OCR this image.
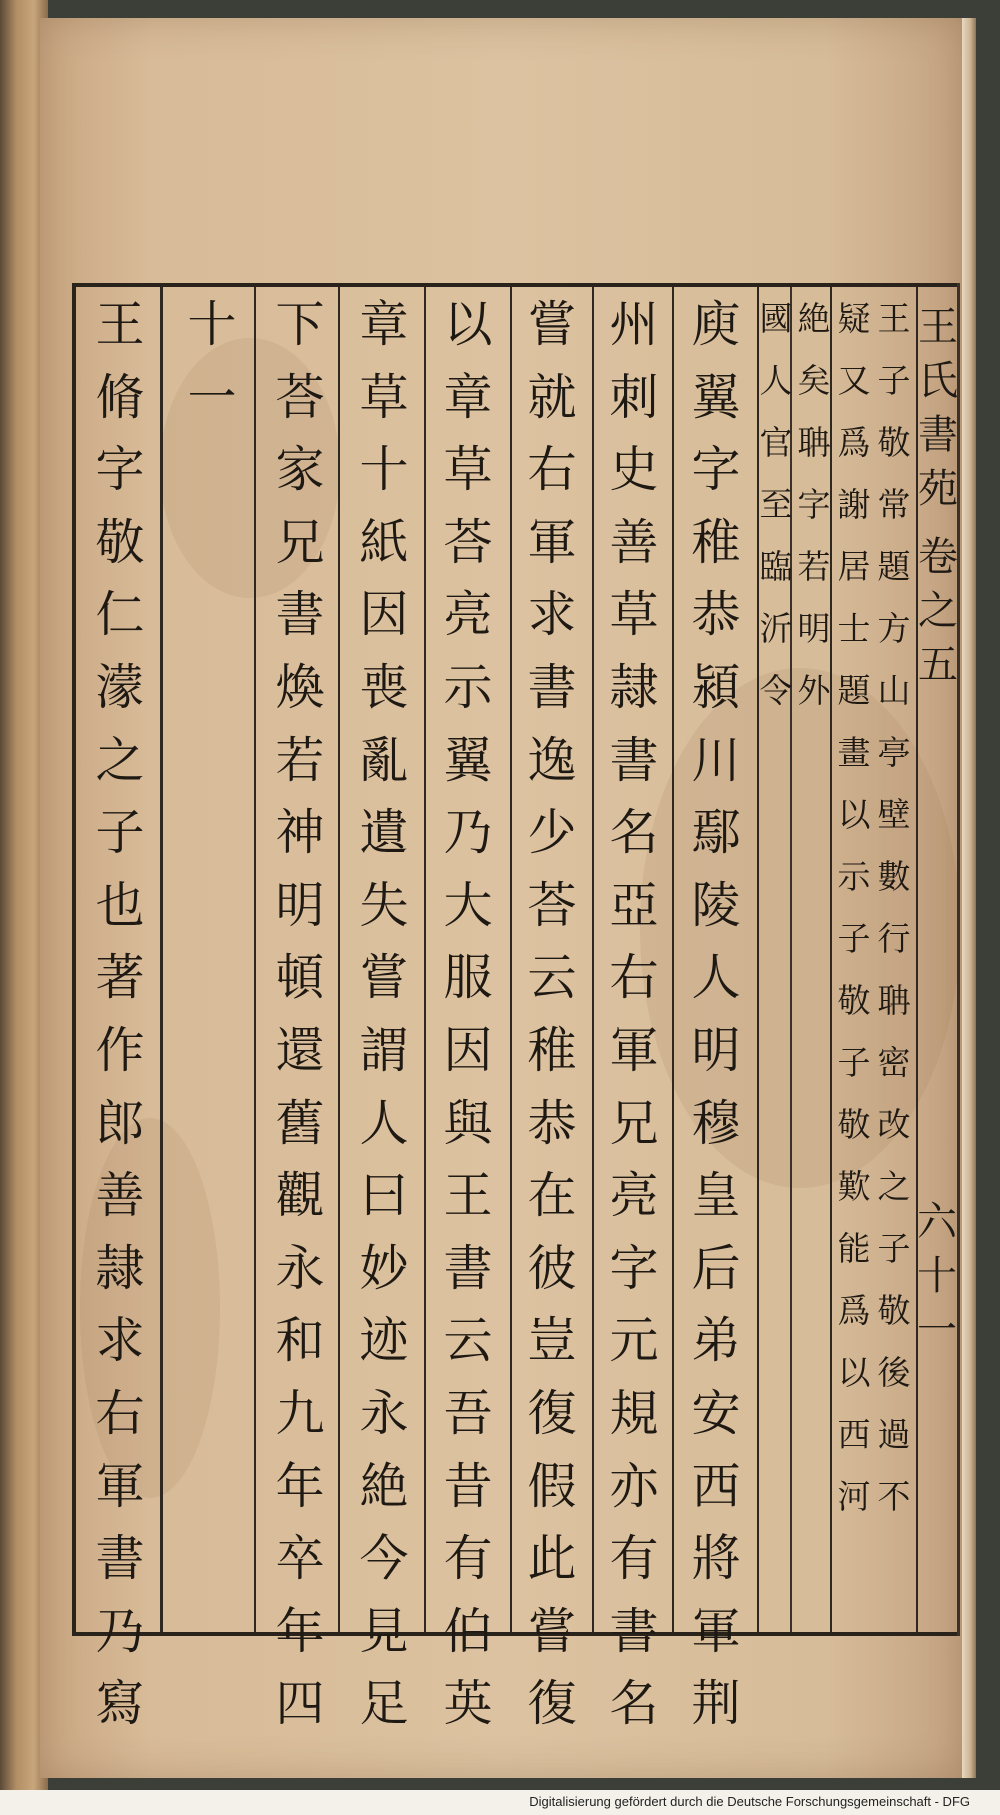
王
氏
書
苑
卷
之
五
六
十
一
王
子
敬
常
題
方
山
亭
壁
數
行
聃
密
改
之
子
敬
後
過
不
疑
又
爲
謝
居
士
題
畫
以
示
子
敬
子
敬
歎
能
爲
以
西
河
絶
矣
聃
字
若
明
外
國
人
官
至
臨
沂
令
庾
翼
字
稚
恭
潁
川
鄢
陵
人
明
穆
皇
后
弟
安
西
將
軍
荆
州
刺
史
善
草
隷
書
名
亞
右
軍
兄
亮
字
元
規
亦
有
書
名
嘗
就
右
軍
求
書
逸
少
荅
云
稚
恭
在
彼
豈
復
假
此
嘗
復
以
章
草
荅
亮
示
翼
乃
大
服
因
與
王
書
云
吾
昔
有
伯
英
章
草
十
紙
因
喪
亂
遺
失
嘗
謂
人
曰
妙
迹
永
絶
今
見
足
下
荅
家
兄
書
煥
若
神
明
頓
還
舊
觀
永
和
九
年
卒
年
四
十
一
王
脩
字
敬
仁
濛
之
子
也
著
作
郎
善
隷
求
右
軍
書
乃
寫
Digitalisierung gefördert durch die Deutsche Forschungsgemeinschaft - DFG
